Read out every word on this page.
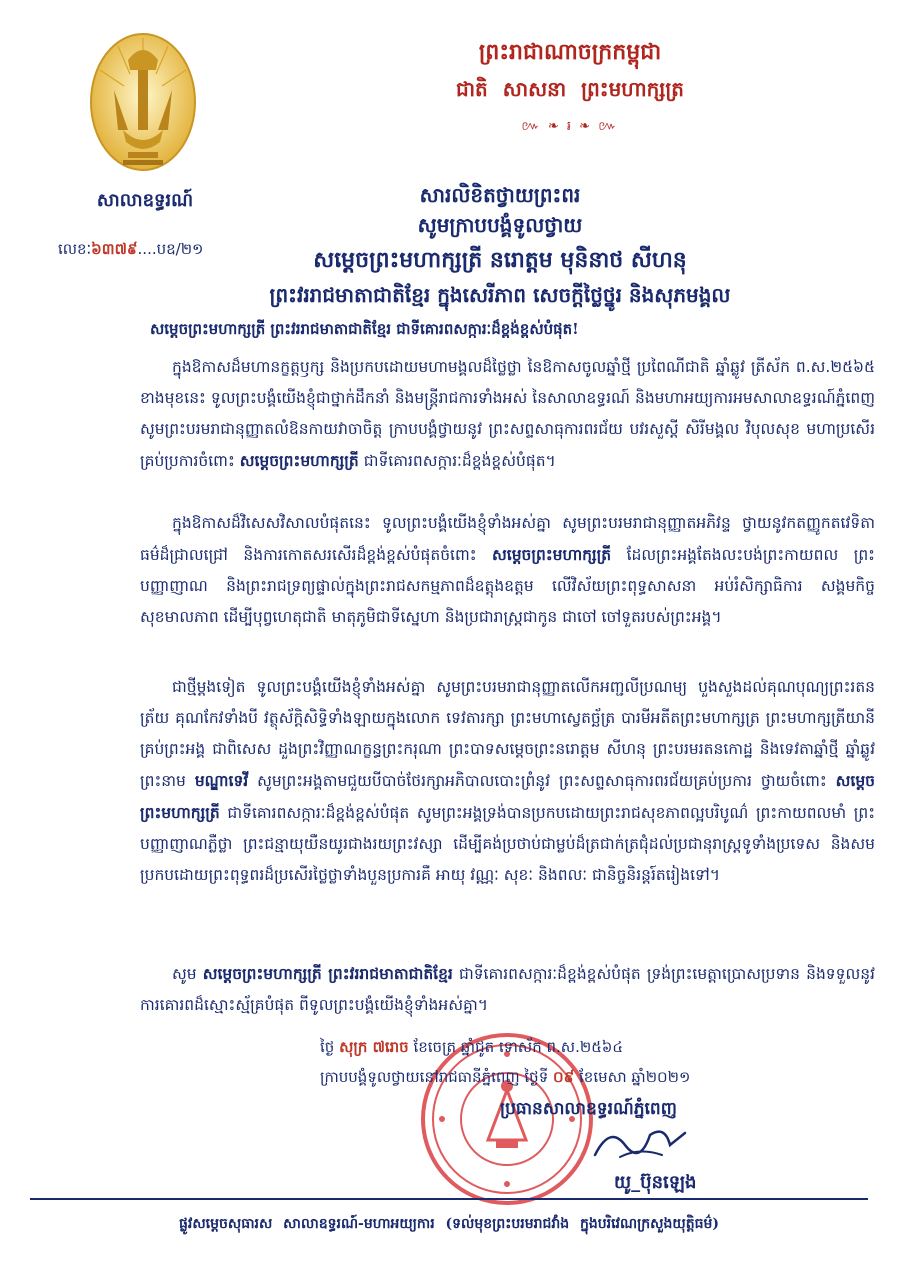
ព្រះរាជាណាចក្រកម្ពុជា
ជាតិ សាសនា ព្រះមហាក្សត្រ
៚ ❧ ៛ ❧ ៚
សាលាឧទ្ធរណ៍
លេខៈ៦៣៧៩....បឧ/២១
សារលិខិតថ្វាយព្រះពរ
សូមក្រាបបង្គំទូលថ្វាយ
សម្តេចព្រះមហាក្សត្រី នរោត្តម មុនិនាថ សីហនុ
ព្រះវររាជមាតាជាតិខ្មែរ ក្នុងសេរីភាព សេចក្ដីថ្លៃថ្នូរ និងសុភមង្គល
សម្តេចព្រះមហាក្សត្រី ព្រះវររាជមាតាជាតិខ្មែរ ជាទីគោរពសក្ការៈដ៏ខ្ពង់ខ្ពស់បំផុត!
ក្នុងឱកាសដ៏មហានក្ខត្តឫក្ស និងប្រកបដោយមហាមង្គលដ៏ថ្លៃថ្លា នៃឱកាសចូលឆ្នាំថ្មី ប្រពៃណីជាតិ ឆ្នាំឆ្លូវ ត្រីស័ក ព.ស.២៥៦៥ ខាងមុខនេះ ទូលព្រះបង្គំយើងខ្ញុំជាថ្នាក់ដឹកនាំ និងមន្ត្រីរាជការទាំងអស់ នៃសាលាឧទ្ធរណ៍ និងមហាអយ្យការអមសាលាឧទ្ធរណ៍ភ្នំពេញ សូមព្រះបរមរាជានុញ្ញាតលំឱនកាយវាចាចិត្ត ក្រាបបង្គំថ្វាយនូវ ព្រះសព្ទសាធុការពរជ័យ បវរសួស្តី សិរីមង្គល វិបុលសុខ មហាប្រសើរគ្រប់ប្រការចំពោះ សម្តេចព្រះមហាក្សត្រី ជាទីគោរពសក្ការៈដ៏ខ្ពង់ខ្ពស់បំផុត។
ក្នុងឱកាសដ៏វិសេសវិសាលបំផុតនេះ ទូលព្រះបង្គំយើងខ្ញុំទាំងអស់គ្នា សូមព្រះបរមរាជានុញ្ញាតអភិវន្ទ ថ្វាយនូវកតញ្ញូកតវេទិតាធម៌ដ៏ជ្រាលជ្រៅ និងការកោតសរសើរដ៏ខ្ពង់ខ្ពស់បំផុតចំពោះ សម្តេចព្រះមហាក្សត្រី ដែលព្រះអង្គតែងលះបង់ព្រះកាយពល ព្រះបញ្ញាញាណ និងព្រះរាជទ្រព្យផ្ទាល់ក្នុងព្រះរាជសកម្មភាពដ៏ឧត្តុងឧត្តម លើវិស័យព្រះពុទ្ធសាសនា អប់រំសិក្សាធិការ សង្គមកិច្ច សុខមាលភាព ដើម្បីបុព្វហេតុជាតិ មាតុភូមិជាទីស្នេហា និងប្រជារាស្ត្រជាកូន ជាចៅ ចៅទួតរបស់ព្រះអង្គ។
ជាថ្មីម្តងទៀត ទូលព្រះបង្គំយើងខ្ញុំទាំងអស់គ្នា សូមព្រះបរមរាជានុញ្ញាតលើកអញ្ជលីប្រណម្យ បួងសួងដល់គុណបុណ្យព្រះរតនត្រ័យ គុណកែវទាំងបី វត្ថុស័ក្តិសិទ្ធិទាំងឡាយក្នុងលោក ទេវតារក្សា ព្រះមហាស្វេតច្ឆ័ត្រ បារមីអតីតព្រះមហាក្សត្រ ព្រះមហាក្សត្រីយានីគ្រប់ព្រះអង្គ ជាពិសេស ដួងព្រះវិញ្ញាណក្ខន្ធព្រះករុណា ព្រះបាទសម្តេចព្រះនរោត្តម សីហនុ ព្រះបរមរតនកោដ្ឋ និងទេវតាឆ្នាំថ្មី ឆ្នាំឆ្លូវ ព្រះនាម មណ្ឌាទេវី សូមព្រះអង្គតាមជួយបីបាច់ថែរក្សាអភិបាលបោះព្រំនូវ ព្រះសព្ទសាធុការពរជ័យគ្រប់ប្រការ ថ្វាយចំពោះ សម្តេចព្រះមហាក្សត្រី ជាទីគោរពសក្ការៈដ៏ខ្ពង់ខ្ពស់បំផុត សូមព្រះអង្គទ្រង់បានប្រកបដោយព្រះរាជសុខភាពល្អបរិបូណ៌ ព្រះកាយពលមាំ ព្រះបញ្ញាញាណភ្លឺថ្លា ព្រះជន្មាយុយឺនយូរជាងរយព្រះវស្សា ដើម្បីគង់ប្រថាប់ជាម្លប់ដ៏ត្រជាក់ត្រជុំដល់ប្រជានុរាស្ត្រទូទាំងប្រទេស និងសមប្រកបដោយព្រះពុទ្ធពរដ៏ប្រសើរថ្លៃថ្លាទាំងបួនប្រការគឺ អាយុ វណ្ណៈ សុខៈ និងពលៈ ជានិច្ចនិរន្តរ៍តរៀងទៅ។
សូម សម្តេចព្រះមហាក្សត្រី ព្រះវររាជមាតាជាតិខ្មែរ ជាទីគោរពសក្ការៈដ៏ខ្ពង់ខ្ពស់បំផុត ទ្រង់ព្រះមេត្តាប្រោសប្រទាន និងទទួលនូវការគោរពដ៏ស្មោះស្ម័គ្របំផុត ពីទូលព្រះបង្គំយើងខ្ញុំទាំងអស់គ្នា។
ថ្ងៃ សុក្រ ៧រោច ខែចេត្រ ឆ្នាំជូត ទោស័ក ព.ស.២៥៦៤
ក្រាបបង្គំទូលថ្វាយនៅរាជធានីភ្នំពេញ ថ្ងៃទី ០៩ ខែមេសា ឆ្នាំ២០២១
ប្រធានសាលាឧទ្ធរណ៍ភ្នំពេញ
យូ_ប៊ុនឡេង
ផ្លូវសម្តេចសុធារស សាលាឧទ្ធរណ៍-មហាអយ្យការ (ទល់មុខព្រះបរមរាជវាំង ក្នុងបរិវេណក្រសួងយុត្តិធម៌)
